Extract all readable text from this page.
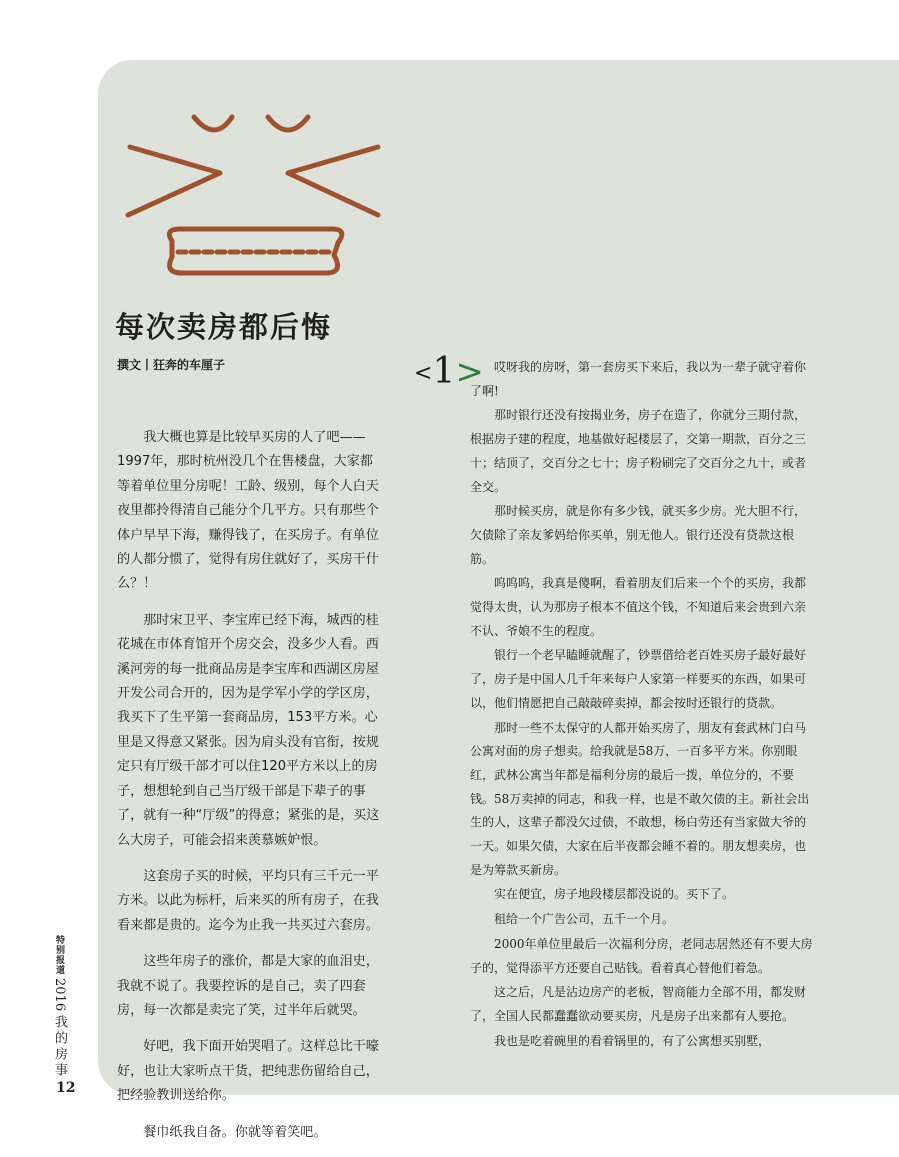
每次卖房都后悔
撰文丨狂奔的车厘子

我大概也算是比较早买房的人了吧——1997年，那时杭州没几个在售楼盘，大家都等着单位里分房呢！工龄、级别，每个人白天夜里都拎得清自己能分个几平方。只有那些个体户早早下海，赚得钱了，在买房子。有单位的人都分惯了，觉得有房住就好了，买房干什么？！

那时宋卫平、李宝库已经下海，城西的桂花城在市体育馆开个房交会，没多少人看。西溪河旁的每一批商品房是李宝库和西湖区房屋开发公司合开的，因为是学军小学的学区房，我买下了生平第一套商品房，153平方米。心里是又得意又紧张。因为肩头没有官衔，按规定只有厅级干部才可以住120平方米以上的房子，想想轮到自己当厅级干部是下辈子的事了，就有一种“厅级”的得意；紧张的是，买这么大房子，可能会招来羡慕嫉妒恨。

这套房子买的时候，平均只有三千元一平方米。以此为标杆，后来买的所有房子，在我看来都是贵的。迄今为止我一共买过六套房。

这些年房子的涨价，都是大家的血泪史，我就不说了。我要控诉的是自己，卖了四套房，每一次都是卖完了笑，过半年后就哭。

好吧，我下面开始哭唱了。这样总比干嚎好，也让大家听点干货，把纯悲伤留给自己，把经验教训送给你。

餐巾纸我自备。你就等着笑吧。

<1> 哎呀我的房呀，第一套房买下来后，我以为一辈子就守着你了啊!

那时银行还没有按揭业务，房子在造了，你就分三期付款，根据房子建的程度，地基做好起楼层了，交第一期款，百分之三十；结顶了，交百分之七十；房子粉刷完了交百分之九十，或者全交。

那时候买房，就是你有多少钱，就买多少房。光大胆不行，欠债除了亲友爹妈给你买单，别无他人。银行还没有贷款这根筋。

呜呜呜，我真是傻啊，看着朋友们后来一个个的买房，我都觉得太贵，认为那房子根本不值这个钱，不知道后来会贵到六亲不认、爷娘不生的程度。

银行一个老早瞌睡就醒了，钞票借给老百姓买房子最好最好了，房子是中国人几千年来每户人家第一样要买的东西，如果可以，他们情愿把自己敲敲碎卖掉，都会按时还银行的贷款。

那时一些不太保守的人都开始买房了，朋友有套武林门白马公寓对面的房子想卖。给我就是58万，一百多平方米。你别眼红，武林公寓当年都是福利分房的最后一拨，单位分的，不要钱。58万卖掉的同志，和我一样，也是不敢欠债的主。新社会出生的人，这辈子都没欠过债，不敢想，杨白劳还有当家做大爷的一天。如果欠债，大家在后半夜都会睡不着的。朋友想卖房，也是为筹款买新房。

实在便宜，房子地段楼层都没说的。买下了。

租给一个广告公司，五千一个月。

2000年单位里最后一次福利分房，老同志居然还有不要大房子的，觉得添平方还要自己贴钱。看着真心替他们着急。

这之后，凡是沾边房产的老板，智商能力全部不用，都发财了，全国人民都蠢蠢欲动要买房，凡是房子出来都有人要抢。

我也是吃着碗里的看着锅里的，有了公寓想买别墅，

特别报道
2016
我的房事
12
